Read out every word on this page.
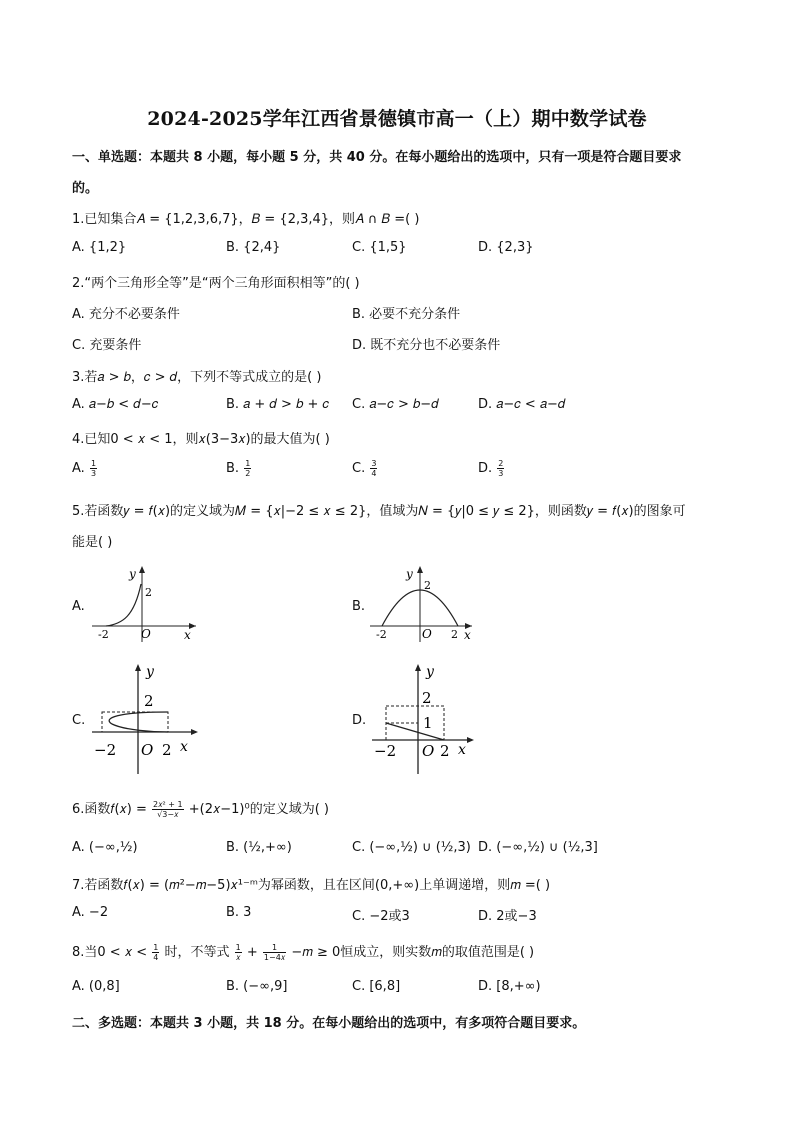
2024-2025学年江西省景德镇市高一（上）期中数学试卷
一、单选题：本题共 8 小题，每小题 5 分，共 40 分。在每小题给出的选项中，只有一项是符合题目要求
的。
1.已知集合𝐴 = {1,2,3,6,7}，𝐵 = {2,3,4}，则𝐴 ∩ 𝐵 =( )
A. {1,2}	B. {2,4}	C. {1,5}	D. {2,3}
2.“两个三角形全等”是“两个三角形面积相等”的( )
A. 充分不必要条件	B. 必要不充分条件
C. 充要条件	D. 既不充分也不必要条件
3.若𝑎 > 𝑏，𝑐 > 𝑑，下列不等式成立的是( )
A. 𝑎−𝑏 < 𝑑−𝑐	B. 𝑎 + 𝑑 > 𝑏 + 𝑐 C. 𝑎−𝑐 > 𝑏−𝑑	D. 𝑎−𝑐 < 𝑎−𝑑
4.已知0 < 𝑥 < 1，则𝑥(3−3𝑥)的最大值为( )
A. $\frac{1}{3}$	B. $\frac{1}{2}$	C. $\frac{3}{4}$	D. $\frac{2}{3}$
5.若函数𝑦 = 𝑓(𝑥)的定义域为𝑀 = {𝑥|−2 ≤ 𝑥 ≤ 2}，值域为𝑁 = {𝑦|0 ≤ 𝑦 ≤ 2}，则函数𝑦 = 𝑓(𝑥)的图象可
能是( )
A.	B.
C.	D.
y
x
O
-2
2
y
x
O
-2	2
2
y
x
O
−2	2
2
y
x
O
−2	2
2
1
6.函数𝑓(𝑥) = $\frac{\text{2𝑥² + 1}}{\text{√3−𝑥}}$ +(2𝑥−1)⁰的定义域为( )
A. (−∞,½)	B. (½,+∞)	C. (−∞,½) ∪ (½,3) D. (−∞,½) ∪ (½,3]
7.若函数𝑓(𝑥) = (𝑚²−𝑚−5)𝑥¹⁻ᵐ为幂函数，且在区间(0,+∞)上单调递增，则𝑚 =( )
A. −2	B. 3	C. −2或3	D. 2或−3
8.当0 < 𝑥 < $\frac{1}{4}$ 时，不等式 $\frac{1}{\text{𝑥}} + \frac{1}{\text{1−4𝑥}}$ −𝑚 ≥ 0恒成立，则实数𝑚的取值范围是( )
A. (0,8]	B. (−∞,9]	C. [6,8]	D. [8,+∞)
二、多选题：本题共 3 小题，共 18 分。在每小题给出的选项中，有多项符合题目要求。
